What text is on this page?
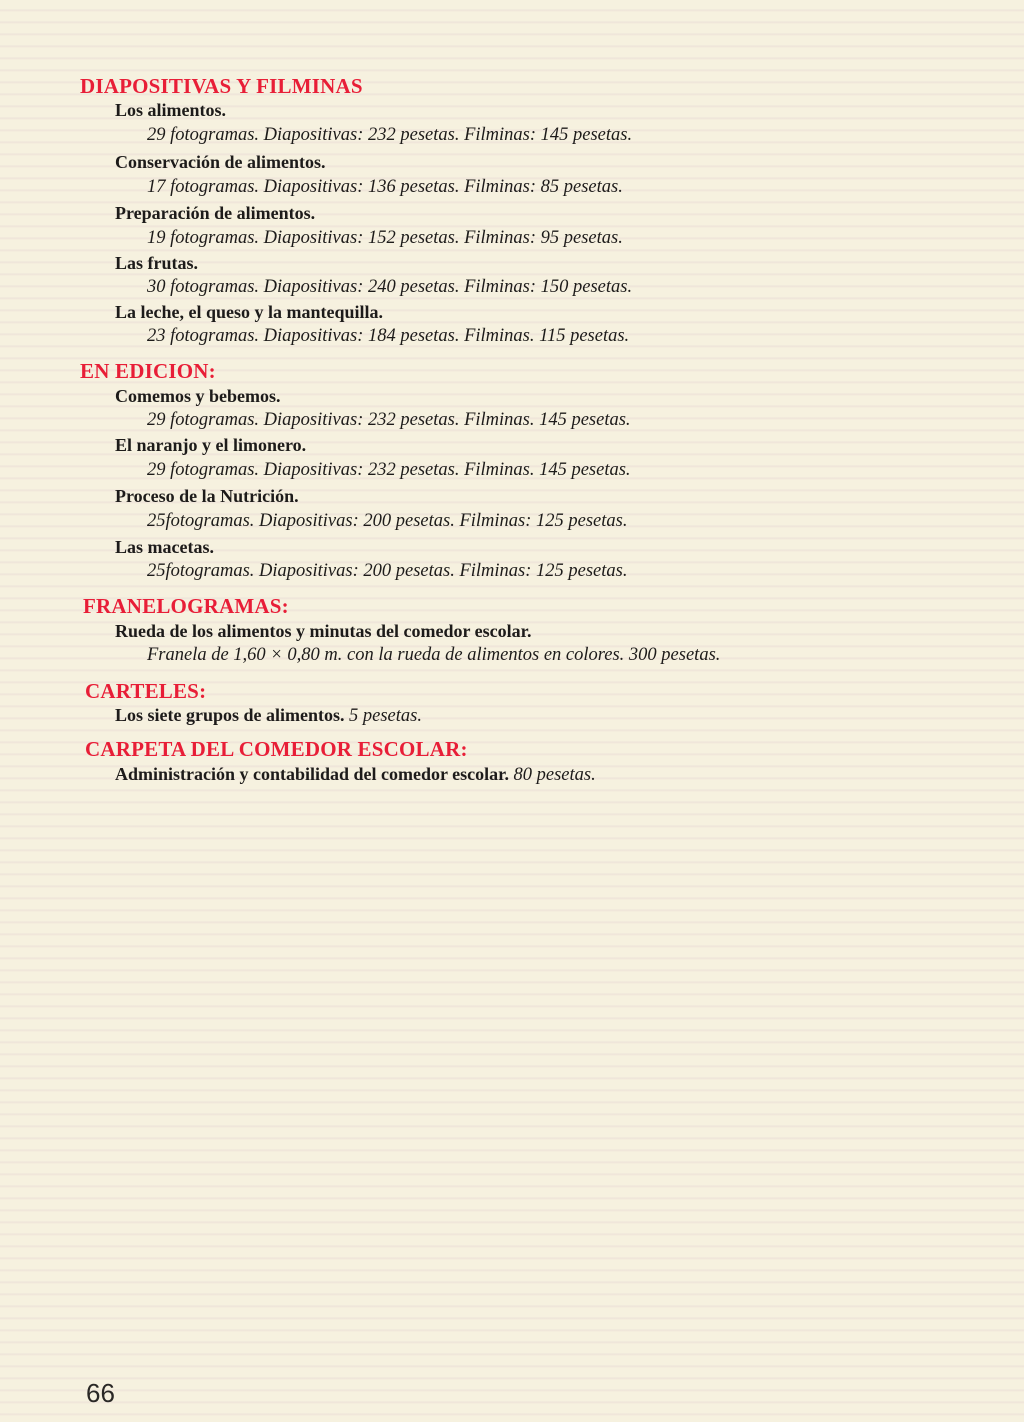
DIAPOSITIVAS Y FILMINAS
Los alimentos.
29 fotogramas. Diapositivas: 232 pesetas. Filminas: 145 pesetas.
Conservación de alimentos.
17 fotogramas. Diapositivas: 136 pesetas. Filminas: 85 pesetas.
Preparación de alimentos.
19 fotogramas. Diapositivas: 152 pesetas. Filminas: 95 pesetas.
Las frutas.
30 fotogramas. Diapositivas: 240 pesetas. Filminas: 150 pesetas.
La leche, el queso y la mantequilla.
23 fotogramas. Diapositivas: 184 pesetas. Filminas. 115 pesetas.
EN EDICION:
Comemos y bebemos.
29 fotogramas. Diapositivas: 232 pesetas. Filminas. 145 pesetas.
El naranjo y el limonero.
29 fotogramas. Diapositivas: 232 pesetas. Filminas. 145 pesetas.
Proceso de la Nutrición.
25fotogramas. Diapositivas: 200 pesetas. Filminas: 125 pesetas.
Las macetas.
25fotogramas. Diapositivas: 200 pesetas. Filminas: 125 pesetas.
FRANELOGRAMAS:
Rueda de los alimentos y minutas del comedor escolar.
Franela de 1,60 × 0,80 m. con la rueda de alimentos en colores. 300 pesetas.
CARTELES:
Los siete grupos de alimentos. 5 pesetas.
CARPETA DEL COMEDOR ESCOLAR:
Administración y contabilidad del comedor escolar. 80 pesetas.
66
